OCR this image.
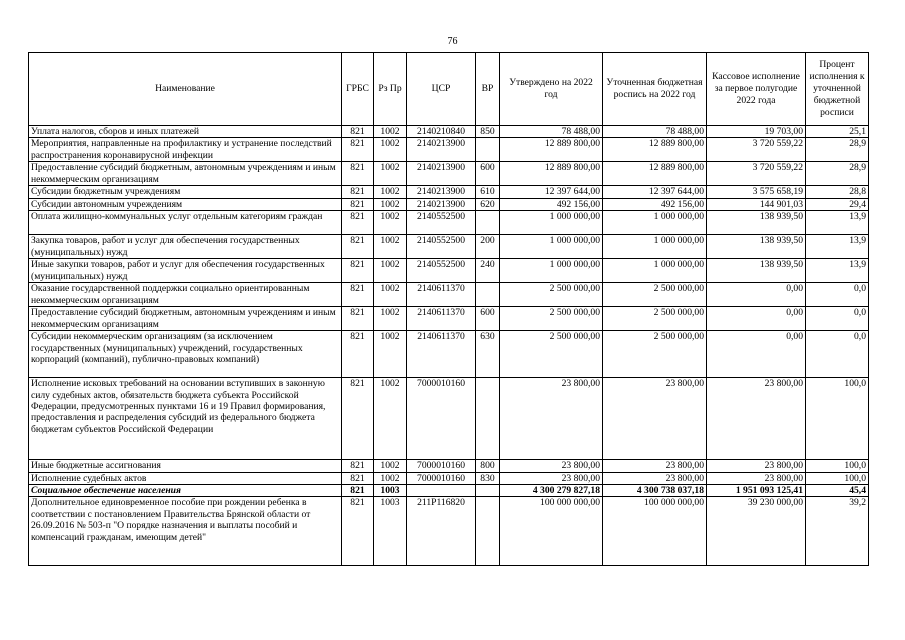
76
Наименование	ГРБС	Рз Пр	ЦСР	ВР	Утверждено на 2022 год	Уточненная бюджетная роспись на 2022 год	Кассовое исполнение за первое полугодие 2022 года	Процент исполнения к уточненной бюджетной росписи
Уплата налогов, сборов и иных платежей	821	1002	2140210840	850	78 488,00	78 488,00	19 703,00	25,1
Мероприятия, направленные на профилактику и устранение последствий распространения коронавирусной инфекции	821	1002	2140213900		12 889 800,00	12 889 800,00	3 720 559,22	28,9
Предоставление субсидий бюджетным, автономным учреждениям и иным некоммерческим организациям	821	1002	2140213900	600	12 889 800,00	12 889 800,00	3 720 559,22	28,9
Субсидии бюджетным учреждениям	821	1002	2140213900	610	12 397 644,00	12 397 644,00	3 575 658,19	28,8
Субсидии автономным учреждениям	821	1002	2140213900	620	492 156,00	492 156,00	144 901,03	29,4
Оплата жилищно-коммунальных услуг отдельным категориям граждан	821	1002	2140552500		1 000 000,00	1 000 000,00	138 939,50	13,9
Закупка товаров, работ и услуг для обеспечения государственных (муниципальных) нужд	821	1002	2140552500	200	1 000 000,00	1 000 000,00	138 939,50	13,9
Иные закупки товаров, работ и услуг для обеспечения государственных (муниципальных) нужд	821	1002	2140552500	240	1 000 000,00	1 000 000,00	138 939,50	13,9
Оказание государственной поддержки социально ориентированным некоммерческим организациям	821	1002	2140611370		2 500 000,00	2 500 000,00	0,00	0,0
Предоставление субсидий бюджетным, автономным учреждениям и иным некоммерческим организациям	821	1002	2140611370	600	2 500 000,00	2 500 000,00	0,00	0,0
Субсидии некоммерческим организациям (за исключением государственных (муниципальных) учреждений, государственных корпораций (компаний), публично-правовых компаний)	821	1002	2140611370	630	2 500 000,00	2 500 000,00	0,00	0,0
Исполнение исковых требований на основании вступивших в законную силу судебных актов, обязательств бюджета субъекта Российской Федерации, предусмотренных пунктами 16 и 19 Правил формирования, предоставления и распределения субсидий из федерального бюджета бюджетам субъектов Российской Федерации	821	1002	7000010160		23 800,00	23 800,00	23 800,00	100,0
Иные бюджетные ассигнования	821	1002	7000010160	800	23 800,00	23 800,00	23 800,00	100,0
Исполнение судебных актов	821	1002	7000010160	830	23 800,00	23 800,00	23 800,00	100,0
Социальное обеспечение населения	821	1003			4 300 279 827,18	4 300 738 037,18	1 951 093 125,41	45,4
Дополнительное единовременное пособие при рождении ребенка в соответствии с постановлением Правительства Брянской области от 26.09.2016 № 503-п "О порядке назначения и выплаты пособий и компенсаций гражданам, имеющим детей"	821	1003	211P116820		100 000 000,00	100 000 000,00	39 230 000,00	39,2
